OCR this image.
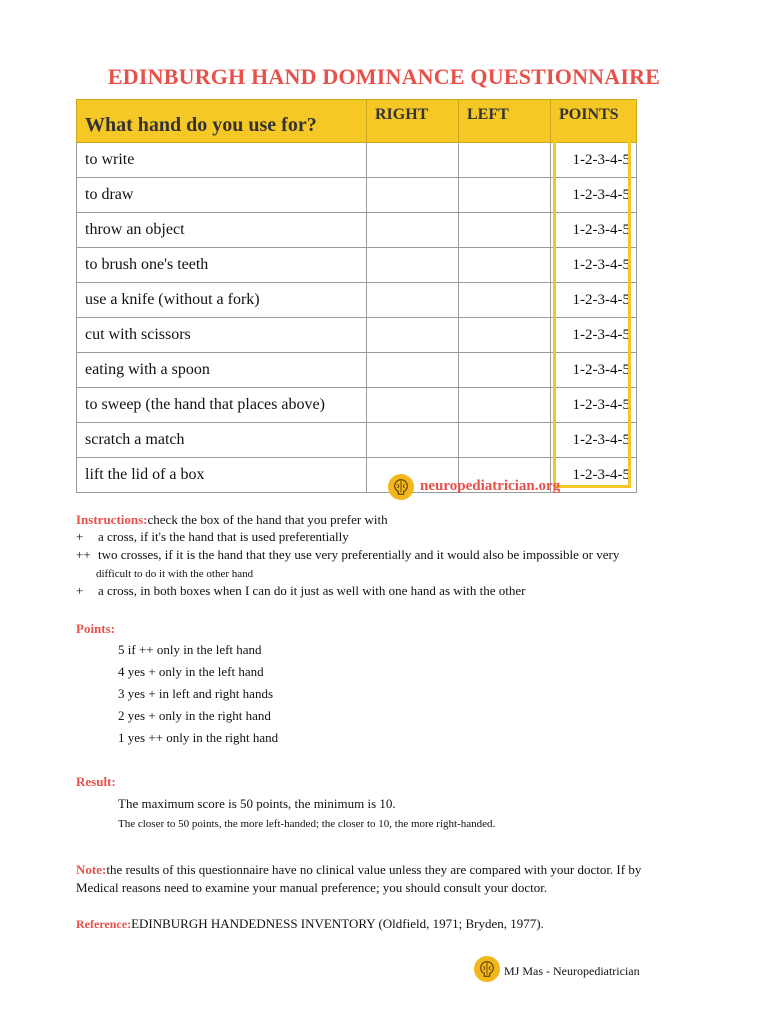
EDINBURGH HAND DOMINANCE QUESTIONNAIRE
What hand do you use for?	RIGHT	LEFT	POINTS
to write			1-2-3-4-5
to draw			1-2-3-4-5
throw an object			1-2-3-4-5
to brush one's teeth			1-2-3-4-5
use a knife (without a fork)			1-2-3-4-5
cut with scissors			1-2-3-4-5
eating with a spoon			1-2-3-4-5
to sweep (the hand that places above)			1-2-3-4-5
scratch a match			1-2-3-4-5
lift the lid of a box			1-2-3-4-5
neuropediatrician.org
Instructions:check the box of the hand that you prefer with
+ a cross, if it's the hand that is used preferentially
++ two crosses, if it is the hand that they use very preferentially and it would also be impossible or very
difficult to do it with the other hand
+ a cross, in both boxes when I can do it just as well with one hand as with the other
Points:
5 if ++ only in the left hand
4 yes + only in the left hand
3 yes + in left and right hands
2 yes + only in the right hand
1 yes ++ only in the right hand
Result:
The maximum score is 50 points, the minimum is 10.
The closer to 50 points, the more left-handed; the closer to 10, the more right-handed.
Note:the results of this questionnaire have no clinical value unless they are compared with your doctor. If by
Medical reasons need to examine your manual preference; you should consult your doctor.
Reference:EDINBURGH HANDEDNESS INVENTORY (Oldfield, 1971; Bryden, 1977).
MJ Mas - Neuropediatrician
